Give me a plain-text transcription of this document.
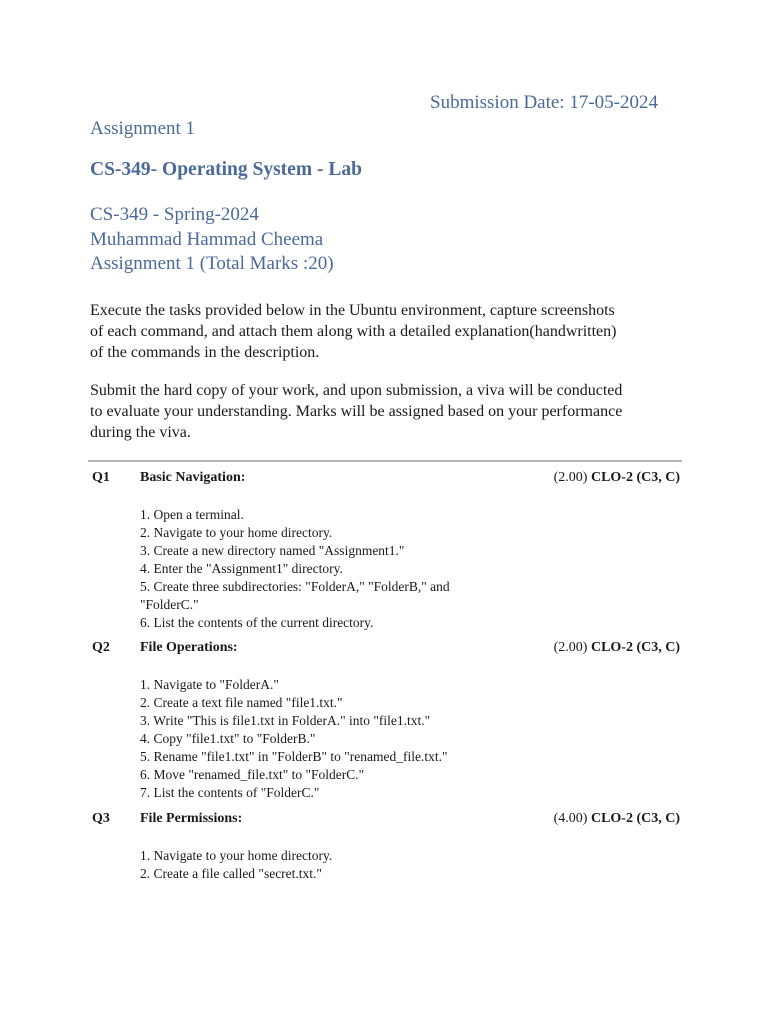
Submission Date: 17-05-2024
Assignment 1
CS-349- Operating System - Lab
CS-349 - Spring-2024
Muhammad Hammad Cheema
Assignment 1 (Total Marks :20)
Execute the tasks provided below in the Ubuntu environment, capture screenshots
of each command, and attach them along with a detailed explanation(handwritten)
of the commands in the description.
Submit the hard copy of your work, and upon submission, a viva will be conducted
to evaluate your understanding. Marks will be assigned based on your performance
during the viva.
Q1 Basic Navigation:	(2.00) CLO-2 (C3, C)
1. Open a terminal.
2. Navigate to your home directory.
3. Create a new directory named "Assignment1."
4. Enter the "Assignment1" directory.
5. Create three subdirectories: "FolderA," "FolderB," and
"FolderC."
6. List the contents of the current directory.
Q2 File Operations:	(2.00) CLO-2 (C3, C)
1. Navigate to "FolderA."
2. Create a text file named "file1.txt."
3. Write "This is file1.txt in FolderA." into "file1.txt."
4. Copy "file1.txt" to "FolderB."
5. Rename "file1.txt" in "FolderB" to "renamed_file.txt."
6. Move "renamed_file.txt" to "FolderC."
7. List the contents of "FolderC."
Q3 File Permissions:	(4.00) CLO-2 (C3, C)
1. Navigate to your home directory.
2. Create a file called "secret.txt."
